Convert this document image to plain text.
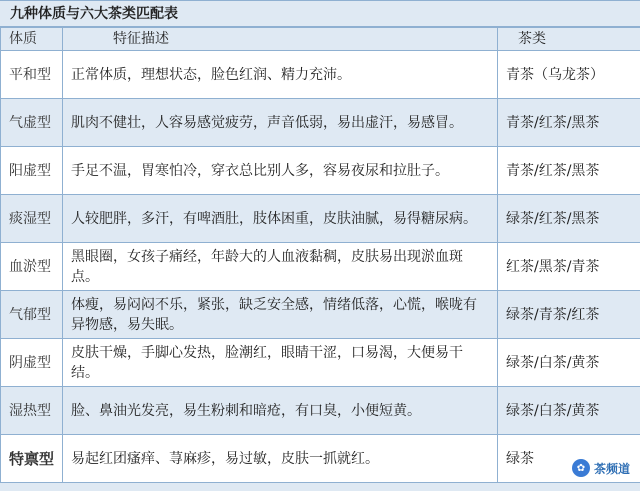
九种体质与六大茶类匹配表
体质	特征描述	茶类
平和型	正常体质，理想状态，脸色红润、精力充沛。	青茶（乌龙茶）
气虚型	肌肉不健壮，人容易感觉疲劳，声音低弱，易出虚汗，易感冒。	青茶/红茶/黑茶
阳虚型	手足不温，胃寒怕冷，穿衣总比别人多，容易夜尿和拉肚子。	青茶/红茶/黑茶
痰湿型	人较肥胖，多汗，有啤酒肚，肢体困重，皮肤油腻，易得糖尿病。	绿茶/红茶/黑茶
血淤型	黑眼圈，女孩子痛经，年龄大的人血液黏稠，皮肤易出现淤血斑点。	红茶/黑茶/青茶
气郁型	体瘦，易闷闷不乐，紧张，缺乏安全感，情绪低落，心慌，喉咙有异物感，易失眠。	绿茶/青茶/红茶
阴虚型	皮肤干燥，手脚心发热，脸潮红，眼睛干涩，口易渴，大便易干结。	绿茶/白茶/黄茶
湿热型	脸、鼻油光发亮，易生粉刺和暗疮，有口臭，小便短黄。	绿茶/白茶/黄茶
特禀型	易起红团瘙痒、荨麻疹，易过敏，皮肤一抓就红。	绿茶
✿ 茶频道
